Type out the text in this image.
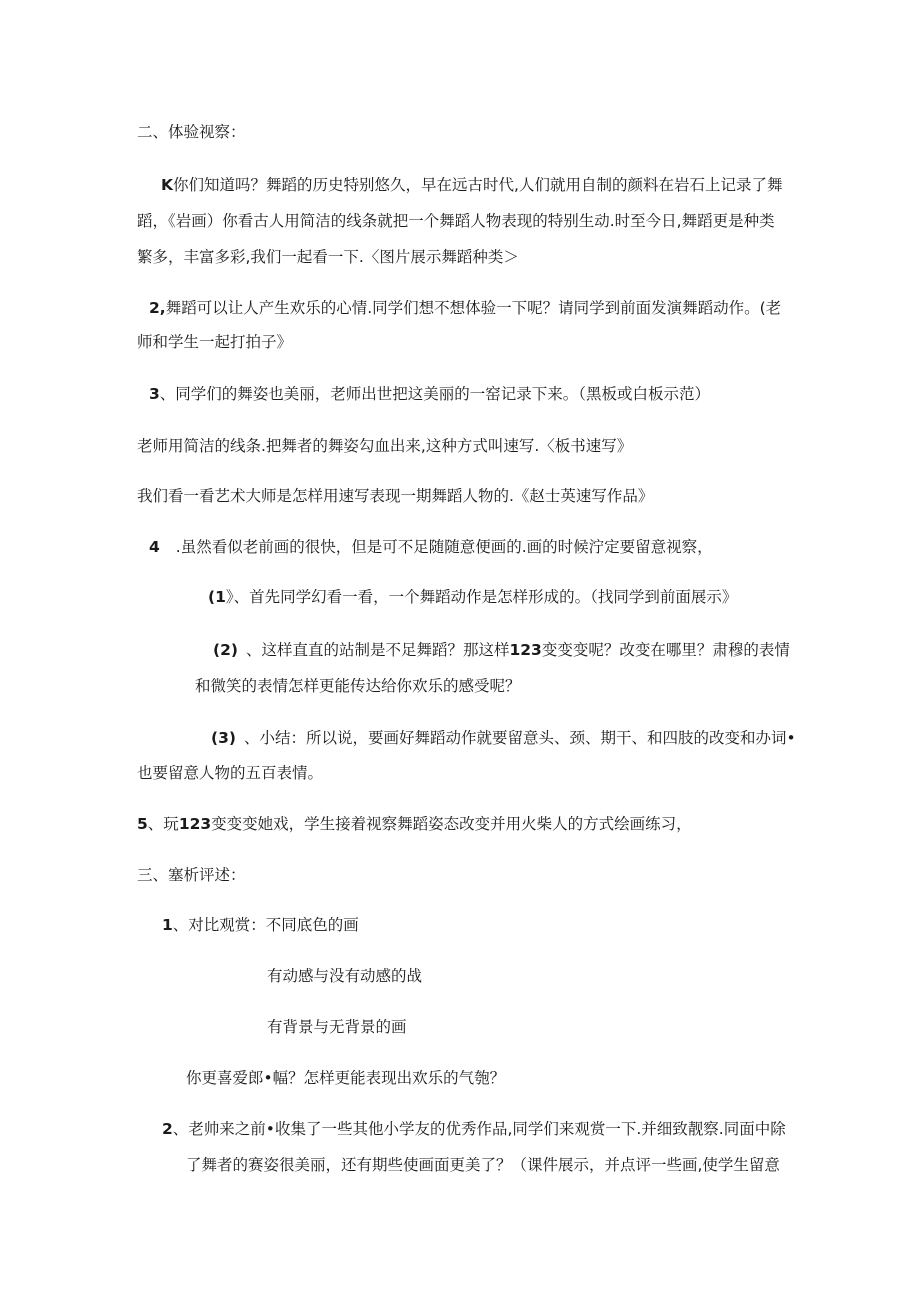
二、体验视察：
K你们知道吗？舞蹈的历史特别悠久，早在远古时代,人们就用自制的颜料在岩石上记录了舞
蹈，《岩画）你看古人用简洁的线条就把一个舞蹈人物表现的特别生动.时至今日,舞蹈更是种类
繁多，丰富多彩,我们一起看一下.〈图片展示舞蹈种类＞
2,舞蹈可以让人产生欢乐的心情.同学们想不想体验一下呢？请同学到前面发演舞蹈动作。(老
师和学生一起打拍子》
3、同学们的舞姿也美丽，老师出世把这美丽的一窑记录下来。（黑板或白板示范）
老师用简洁的线条.把舞者的舞姿勾血出来,这种方式叫速写.〈板书速写》
我们看一看艺术大师是怎样用速写表现一期舞蹈人物的.《赵士英速写作品》
4 .虽然看似老前画的很快，但是可不足随随意便画的.画的时候泞定要留意视察，
(1》、首先同学幻看一看，一个舞蹈动作是怎样形成的。（找同学到前面展示》
(2) 、这样直直的站制是不足舞蹈？那这样123变变变呢？改变在哪里？肃穆的表情
和微笑的表情怎样更能传达给你欢乐的感受呢？
(3) 、小结：所以说，要画好舞蹈动作就要留意头、颈、期干、和四肢的改变和办词•
也要留意人物的五百表情。
5、玩123变变变她戏，学生接着视察舞蹈姿态改变并用火柴人的方式绘画练习，
三、塞析评述：
1、对比观赏：不同底色的画
有动感与没有动感的战
有背景与无背景的画
你更喜爱郎•幅？怎样更能表现出欢乐的气匏？
2、老帅来之前•收集了一些其他小学友的优秀作品,同学们来观赏一下.并细致靓察.同面中除
了舞者的赛姿很美丽，还有期些使画面更美了？（课件展示，并点评一些画,使学生留意
